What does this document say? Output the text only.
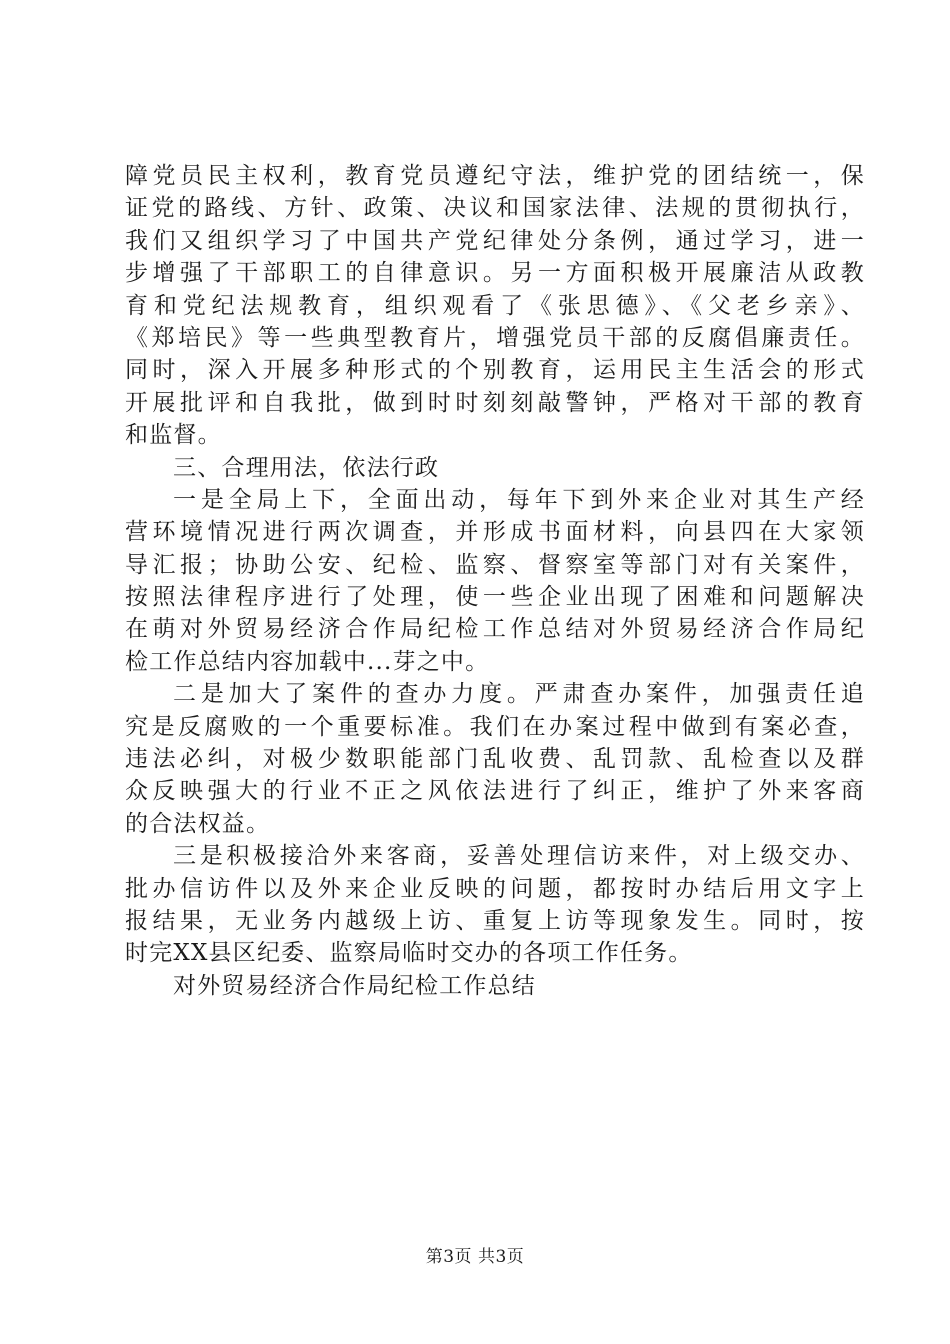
障党员民主权利，教育党员遵纪守法，维护党的团结统一，保
证党的路线、方针、政策、决议和国家法律、法规的贯彻执行，
我们又组织学习了中国共产党纪律处分条例，通过学习，进一
步增强了干部职工的自律意识。另一方面积极开展廉洁从政教
育和党纪法规教育，组织观看了《张思德》、《父老乡亲》、
《郑培民》等一些典型教育片，增强党员干部的反腐倡廉责任。
同时，深入开展多种形式的个别教育，运用民主生活会的形式
开展批评和自我批，做到时时刻刻敲警钟，严格对干部的教育
和监督。
三、合理用法，依法行政
一是全局上下，全面出动，每年下到外来企业对其生产经
营环境情况进行两次调查，并形成书面材料，向县四在大家领
导汇报；协助公安、纪检、监察、督察室等部门对有关案件，
按照法律程序进行了处理，使一些企业出现了困难和问题解决
在萌对外贸易经济合作局纪检工作总结对外贸易经济合作局纪
检工作总结内容加载中...芽之中。
二是加大了案件的查办力度。严肃查办案件，加强责任追
究是反腐败的一个重要标准。我们在办案过程中做到有案必查，
违法必纠，对极少数职能部门乱收费、乱罚款、乱检查以及群
众反映强大的行业不正之风依法进行了纠正，维护了外来客商
的合法权益。
三是积极接洽外来客商，妥善处理信访来件，对上级交办、
批办信访件以及外来企业反映的问题，都按时办结后用文字上
报结果，无业务内越级上访、重复上访等现象发生。同时，按
时完XX县区纪委、监察局临时交办的各项工作任务。
对外贸易经济合作局纪检工作总结
第3页 共3页
